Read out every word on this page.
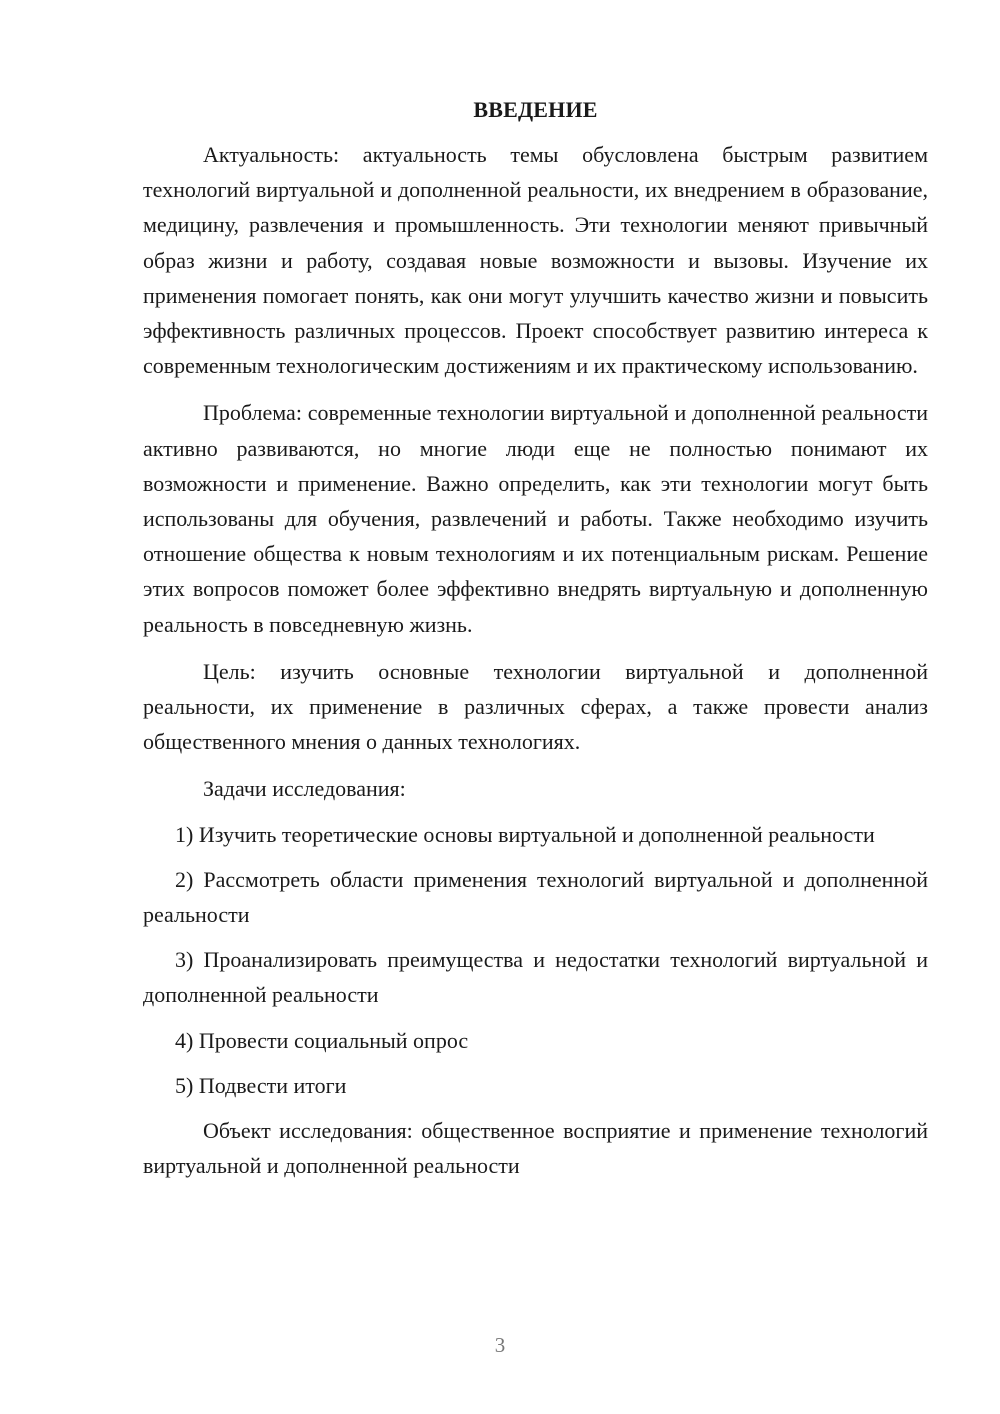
ВВЕДЕНИЕ

Актуальность: актуальность темы обусловлена быстрым развитием технологий виртуальной и дополненной реальности, их внедрением в образование, медицину, развлечения и промышленность. Эти технологии меняют привычный образ жизни и работу, создавая новые возможности и вызовы. Изучение их применения помогает понять, как они могут улучшить качество жизни и повысить эффективность различных процессов. Проект способствует развитию интереса к современным технологическим достижениям и их практическому использованию.

Проблема: современные технологии виртуальной и дополненной реальности активно развиваются, но многие люди еще не полностью понимают их возможности и применение. Важно определить, как эти технологии могут быть использованы для обучения, развлечений и работы. Также необходимо изучить отношение общества к новым технологиям и их потенциальным рискам. Решение этих вопросов поможет более эффективно внедрять виртуальную и дополненную реальность в повседневную жизнь.

Цель: изучить основные технологии виртуальной и дополненной реальности, их применение в различных сферах, а также провести анализ общественного мнения о данных технологиях.

Задачи исследования:

1) Изучить теоретические основы виртуальной и дополненной реальности

2) Рассмотреть области применения технологий виртуальной и дополненной реальности

3) Проанализировать преимущества и недостатки технологий виртуальной и дополненной реальности

4) Провести социальный опрос

5) Подвести итоги

Объект исследования: общественное восприятие и применение технологий виртуальной и дополненной реальности

3
